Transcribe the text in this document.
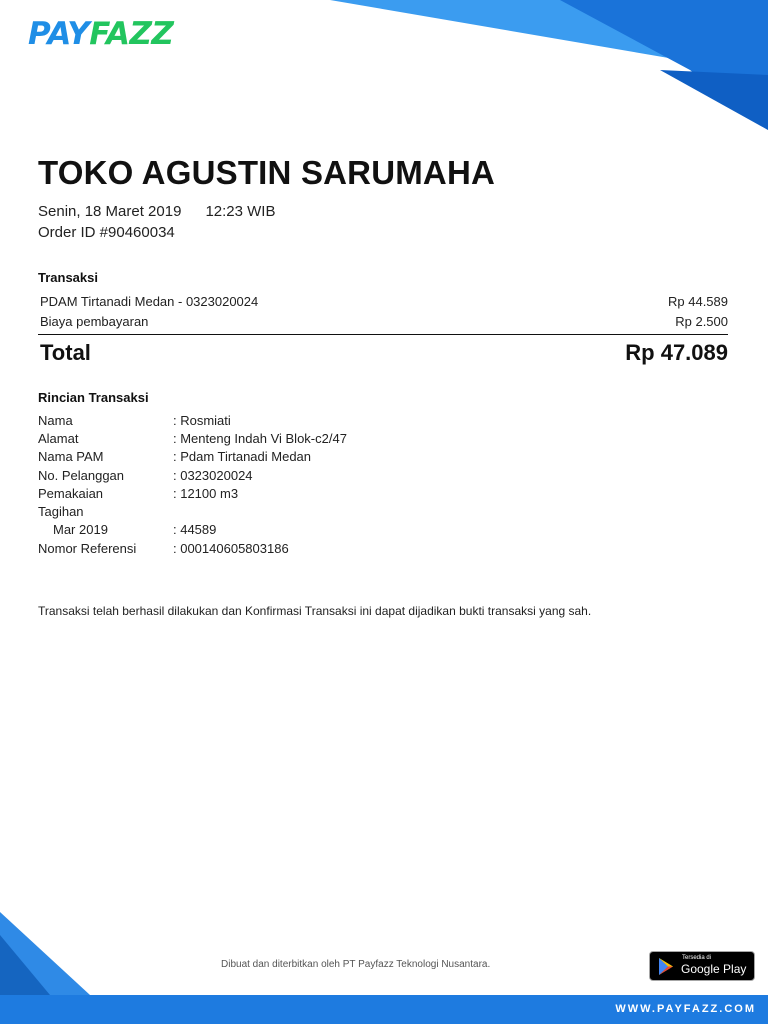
PAYFAZZ
TOKO AGUSTIN SARUMAHA
Senin, 18 Maret 2019 12:23 WIB
Order ID #90460034
Transaksi
PDAM Tirtanadi Medan - 0323020024	Rp 44.589
Biaya pembayaran	Rp 2.500
Total	Rp 47.089
Rincian Transaksi
Nama	: Rosmiati
Alamat	: Menteng Indah Vi Blok-c2/47
Nama PAM	: Pdam Tirtanadi Medan
No. Pelanggan	: 0323020024
Pemakaian	: 12100 m3
Tagihan
Mar 2019	: 44589
Nomor Referensi	: 000140605803186
Transaksi telah berhasil dilakukan dan Konfirmasi Transaksi ini dapat dijadikan bukti transaksi yang sah.
Dibuat dan diterbitkan oleh PT Payfazz Teknologi Nusantara.
Tersedia di
Google Play
WWW.PAYFAZZ.COM
